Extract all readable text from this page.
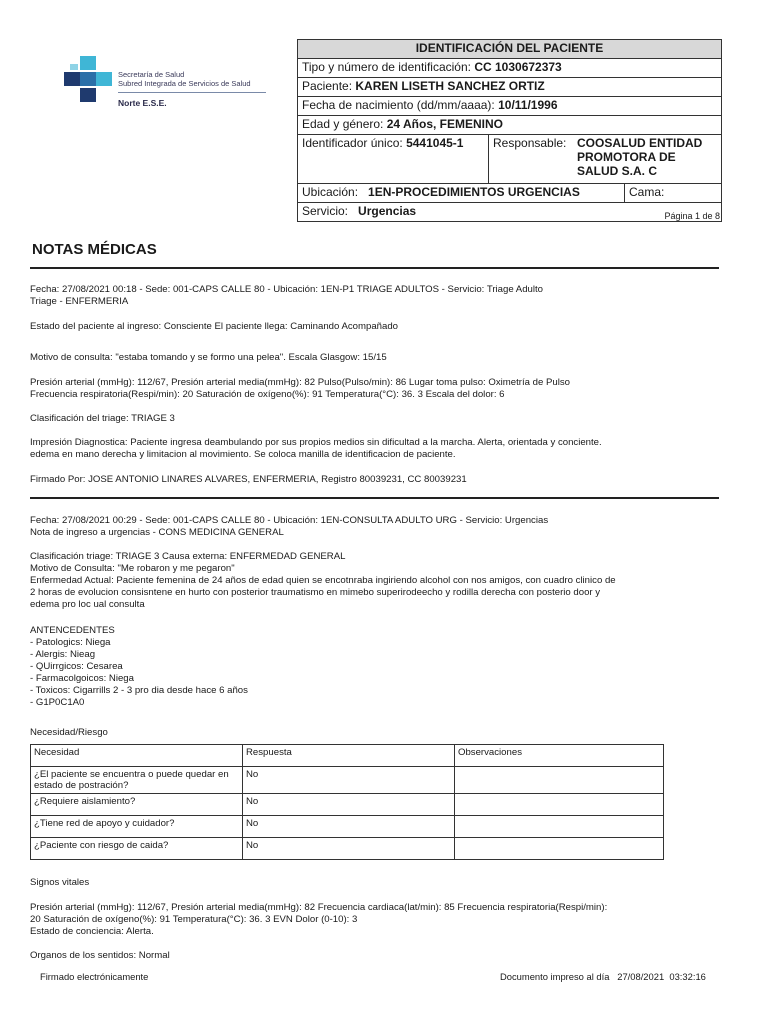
Secretaría de Salud
Subred Integrada de Servicios de Salud
Norte E.S.E.
IDENTIFICACIÓN DEL PACIENTE		
Tipo y número de identificación: CC 1030672373		
Paciente: KAREN LISETH SANCHEZ ORTIZ		
Fecha de nacimiento (dd/mm/aaaa): 10/11/1996		
Edad y género: 24 Años, FEMENINO		
Identificador único: 5441045-1	Responsable: COOSALUD ENTIDAD PROMOTORA DE SALUD S.A. C	

Ubicación: 1EN-PROCEDIMIENTOS URGENCIAS		Cama:
Servicio: Urgencias			Página 1 de 8
NOTAS MÉDICAS

Fecha: 27/08/2021 00:18 - Sede: 001-CAPS CALLE 80 - Ubicación: 1EN-P1 TRIAGE ADULTOS - Servicio: Triage Adulto

Triage - ENFERMERIA

Estado del paciente al ingreso: Consciente El paciente llega: Caminando Acompañado
Motivo de consulta: "estaba tomando y se formo una pelea". Escala Glasgow: 15/15

Presión arterial (mmHg): 112/67, Presión arterial media(mmHg): 82 Pulso(Pulso/min): 86 Lugar toma pulso: Oximetría de Pulso

Frecuencia respiratoria(Respi/min): 20 Saturación de oxígeno(%): 91 Temperatura(°C): 36. 3 Escala del dolor: 6

Clasificación del triage: TRIAGE 3

Impresión Diagnostica: Paciente ingresa deambulando por sus propios medios sin dificultad a la marcha. Alerta, orientada y conciente.

edema en mano derecha y limitacion al movimiento. Se coloca manilla de identificacion de paciente.

Firmado Por: JOSE ANTONIO LINARES ALVARES, ENFERMERIA, Registro 80039231, CC 80039231

Fecha: 27/08/2021 00:29 - Sede: 001-CAPS CALLE 80 - Ubicación: 1EN-CONSULTA ADULTO URG - Servicio: Urgencias

Nota de ingreso a urgencias - CONS MEDICINA GENERAL

Clasificación triage: TRIAGE 3 Causa externa: ENFERMEDAD GENERAL

Motivo de Consulta: "Me robaron y me pegaron"

Enfermedad Actual: Paciente femenina de 24 años de edad quien se encotnraba ingiriendo alcohol con nos amigos, con cuadro clinico de

2 horas de evolucion consisntene en hurto con posterior traumatismo en mimebo superirodeecho y rodilla derecha con posterio door y

edema pro loc ual consulta

ANTENCEDENTES

- Patologics: Niega

- Alergis: Nieag

- QUirrgicos: Cesarea

- Farmacolgoicos: Niega

- Toxicos: Cigarrills 2 - 3 pro dia desde hace 6 años

- G1P0C1A0

Necesidad/Riesgo
Necesidad	Respuesta	Observaciones
¿El paciente se encuentra o puede quedar en estado de postración?	No	
¿Requiere aislamiento?	No	
¿Tiene red de apoyo y cuidador?	No	
¿Paciente con riesgo de caida?	No	
Signos vitales

Presión arterial (mmHg): 112/67, Presión arterial media(mmHg): 82 Frecuencia cardiaca(lat/min): 85 Frecuencia respiratoria(Respi/min):

20 Saturación de oxígeno(%): 91 Temperatura(°C): 36. 3 EVN Dolor (0-10): 3

Estado de conciencia: Alerta.

Organos de los sentidos: Normal
Firmado electrónicamente	Documento impreso al día   27/08/2021  03:32:16
